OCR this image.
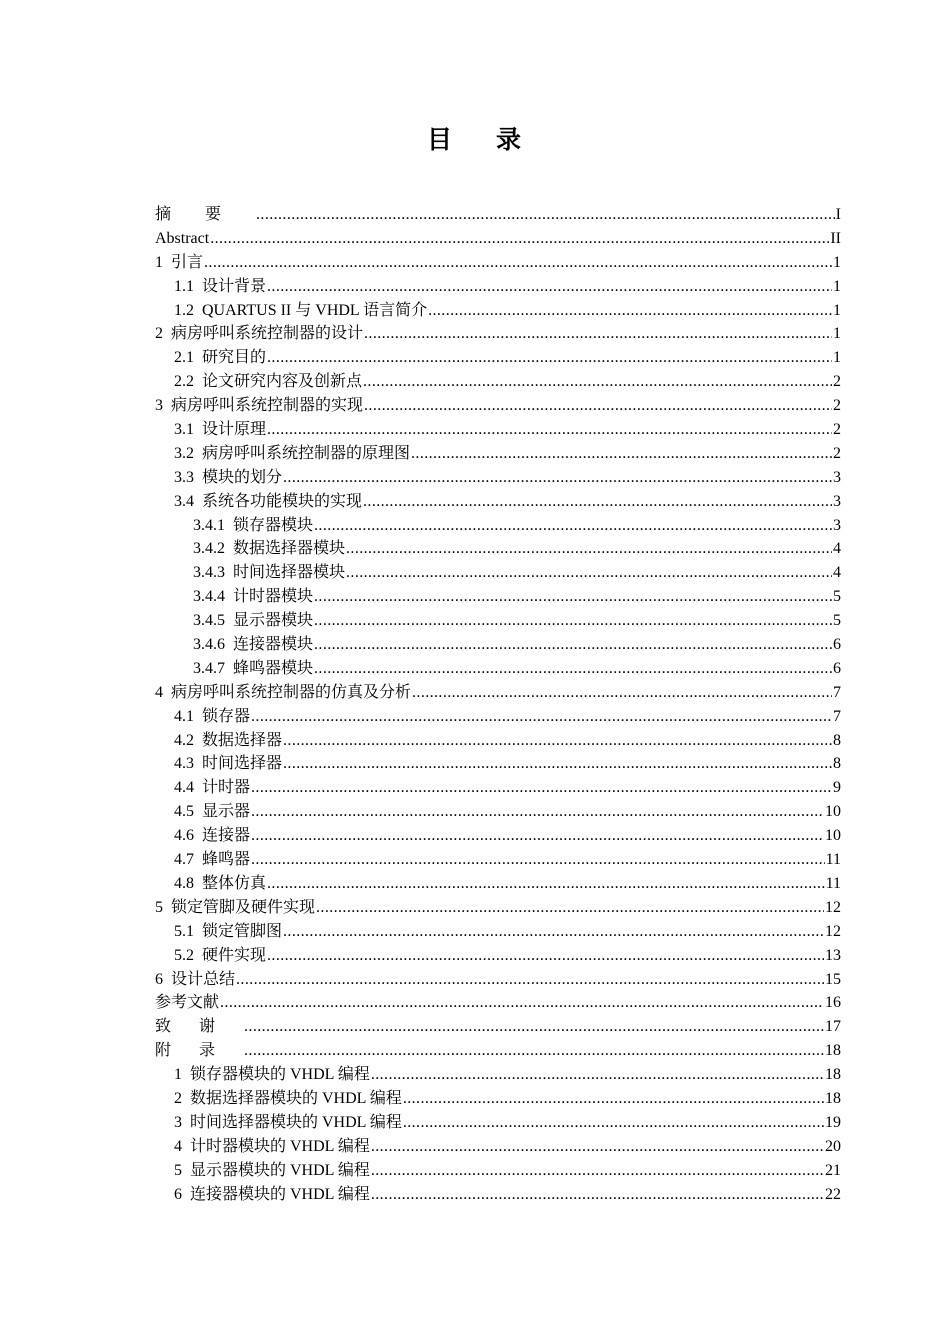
目 录
摘要 .....	I
Abstract .....	II
1 引言 .....	1
1.1 设计背景 .....	1
1.2 QUARTUS II 与 VHDL 语言简介 .....	1
2 病房呼叫系统控制器的设计 .....	1
2.1 研究目的 .....	1
2.2 论文研究内容及创新点 .....	2
3 病房呼叫系统控制器的实现 .....	2
3.1 设计原理 .....	2
3.2 病房呼叫系统控制器的原理图 .....	2
3.3 模块的划分 .....	3
3.4 系统各功能模块的实现 .....	3
3.4.1 锁存器模块 .....	3
3.4.2 数据选择器模块 .....	4
3.4.3 时间选择器模块 .....	4
3.4.4 计时器模块 .....	5
3.4.5 显示器模块 .....	5
3.4.6 连接器模块 .....	6
3.4.7 蜂鸣器模块 .....	6
4 病房呼叫系统控制器的仿真及分析 .....	7
4.1 锁存器 .....	7
4.2 数据选择器 .....	8
4.3 时间选择器 .....	8
4.4 计时器 .....	9
4.5 显示器 .....	10
4.6 连接器 .....	10
4.7 蜂鸣器 .....	11
4.8 整体仿真 .....	11
5 锁定管脚及硬件实现 .....	12
5.1 锁定管脚图 .....	12
5.2 硬件实现 .....	13
6 设计总结 .....	15
参考文献 .....	16
致谢 .....	17
附录 .....	18
1 锁存器模块的 VHDL 编程 .....	18
2 数据选择器模块的 VHDL 编程 .....	18
3 时间选择器模块的 VHDL 编程 .....	19
4 计时器模块的 VHDL 编程 .....	20
5 显示器模块的 VHDL 编程 .....	21
6 连接器模块的 VHDL 编程 .....	22
